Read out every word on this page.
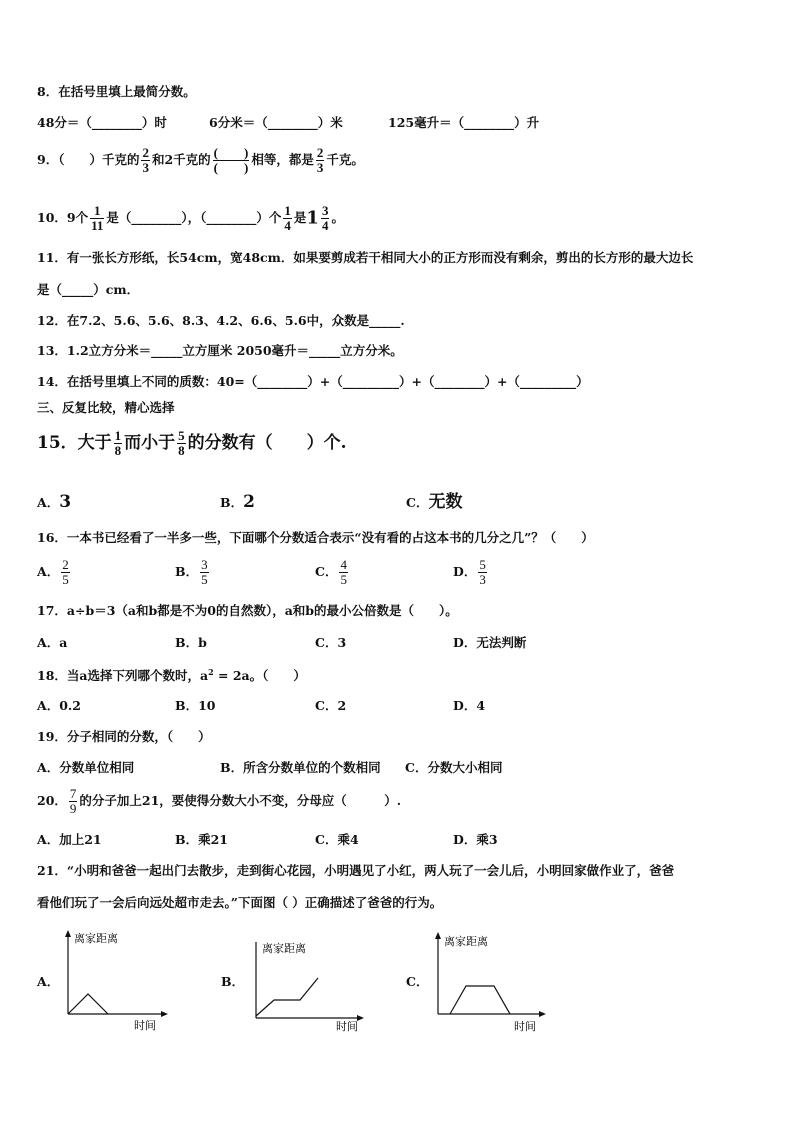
8．在括号里填上最简分数。
48分＝（________）时	6分米＝（________）米	125毫升＝（________）升
9．（　　）千克的 $\frac{2}{3}$ 和2千克的 $\frac{( )}{( )}$ 相等，都是 $\frac{2}{3}$ 千克。
10．9个 $\frac{1}{11}$ 是（________），（________）个 $\frac{1}{4}$ 是$1 \frac{3}{4}$ 。
11．有一张长方形纸，长54cm，宽48cm．如果要剪成若干相同大小的正方形而没有剩余，剪出的长方形的最大边长
是（_____）cm．
12．在7.2、5.6、5.6、8.3、4.2、6.6、5.6中，众数是_____.
13．1.2立方分米＝_____立方厘米 2050毫升＝_____立方分米。
14．在括号里填上不同的质数：40=（________）+（_________）+（________）+（_________）
三、反复比较，精心选择
15．大于 $\frac{1}{8}$ 而小于 $\frac{5}{8}$ 的分数有（　　）个.
A．3	B．2	C．无数
16．一本书已经看了一半多一些，下面哪个分数适合表示“没有看的占这本书的几分之几”？（　　）
A． $\frac{2}{5}$	B． $\frac{3}{5}$	C． $\frac{4}{5}$	D． $\frac{5}{3}$
17．a÷b＝3（a和b都是不为0的自然数），a和b的最小公倍数是（　　）。
A．a	B．b	C．3	D．无法判断
18．当a选择下列哪个数时，$a^2 = 2a$。（　　）
A．0.2	B．10	C．2	D．4
19．分子相同的分数，（　　）
A．分数单位相同	B．所含分数单位的个数相同 C．分数大小相同
20． $\frac{7}{9}$ 的分子加上21，要使得分数大小不变，分母应（　　　）.
A．加上21	B．乘21	C．乘4	D．乘3
21．“小明和爸爸一起出门去散步，走到街心花园，小明遇见了小红，两人玩了一会儿后，小明回家做作业了，爸爸
看他们玩了一会后向远处超市走去。”下面图（ ）正确描述了爸爸的行为。
A．
离家距离
时间
B．
离家距离
时间
C．
离家距离
时间
